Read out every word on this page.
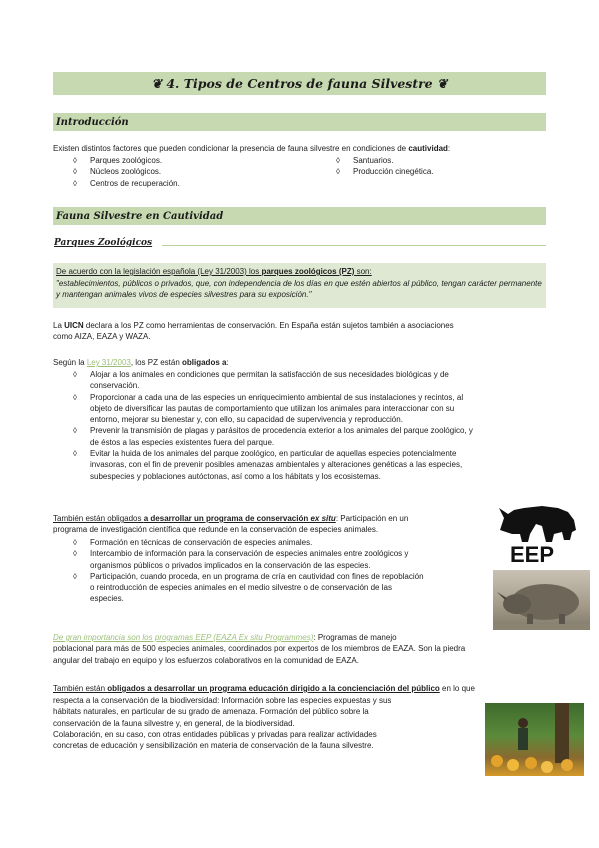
❦ 4. Tipos de Centros de fauna Silvestre ❦
Introducción
Existen distintos factores que pueden condicionar la presencia de fauna silvestre en condiciones de cautividad:
◊ Parques zoológicos.
◊ Núcleos zoológicos.
◊ Centros de recuperación.
◊ Santuarios.
◊ Producción cinegética.
Fauna Silvestre en Cautividad
Parques Zoológicos
De acuerdo con la legislación española (Ley 31/2003) los parques zoológicos (PZ) son:
"establecimientos, públicos o privados, que, con independencia de los días en que estén abiertos al público, tengan carácter permanente y mantengan animales vivos de especies silvestres para su exposición."
La UICN declara a los PZ como herramientas de conservación. En España están sujetos también a asociaciones
como AIZA, EAZA y WAZA.
Según la Ley 31/2003, los PZ están obligados a:
◊ Alojar a los animales en condiciones que permitan la satisfacción de sus necesidades biológicas y de
conservación.
◊ Proporcionar a cada una de las especies un enriquecimiento ambiental de sus instalaciones y recintos, al
objeto de diversificar las pautas de comportamiento que utilizan los animales para interaccionar con su
entorno, mejorar su bienestar y, con ello, su capacidad de supervivencia y reproducción.
◊ Prevenir la transmisión de plagas y parásitos de procedencia exterior a los animales del parque zoológico, y
de éstos a las especies existentes fuera del parque.
◊ Evitar la huida de los animales del parque zoológico, en particular de aquellas especies potencialmente
invasoras, con el fin de prevenir posibles amenazas ambientales y alteraciones genéticas a las especies,
subespecies y poblaciones autóctonas, así como a los hábitats y los ecosistemas.
También están obligados a desarrollar un programa de conservación ex situ: Participación en un
programa de investigación científica que redunde en la conservación de especies animales.
◊ Formación en técnicas de conservación de especies animales.
◊ Intercambio de información para la conservación de especies animales entre zoológicos y
organismos públicos o privados implicados en la conservación de las especies.
◊ Participación, cuando proceda, en un programa de cría en cautividad con fines de repoblación
o reintroducción de especies animales en el medio silvestre o de conservación de las
especies.
EEP
De gran importancia son los programas EEP (EAZA Ex situ Programmes): Programas de manejo
poblacional para más de 500 especies animales, coordinados por expertos de los miembros de EAZA. Son la piedra
angular del trabajo en equipo y los esfuerzos colaborativos en la comunidad de EAZA.
También están obligados a desarrollar un programa educación dirigido a la concienciación del público en lo que
respecta a la conservación de la biodiversidad: Información sobre las especies expuestas y sus
hábitats naturales, en particular de su grado de amenaza. Formación del público sobre la
conservación de la fauna silvestre y, en general, de la biodiversidad.
Colaboración, en su caso, con otras entidades públicas y privadas para realizar actividades
concretas de educación y sensibilización en materia de conservación de la fauna silvestre.
